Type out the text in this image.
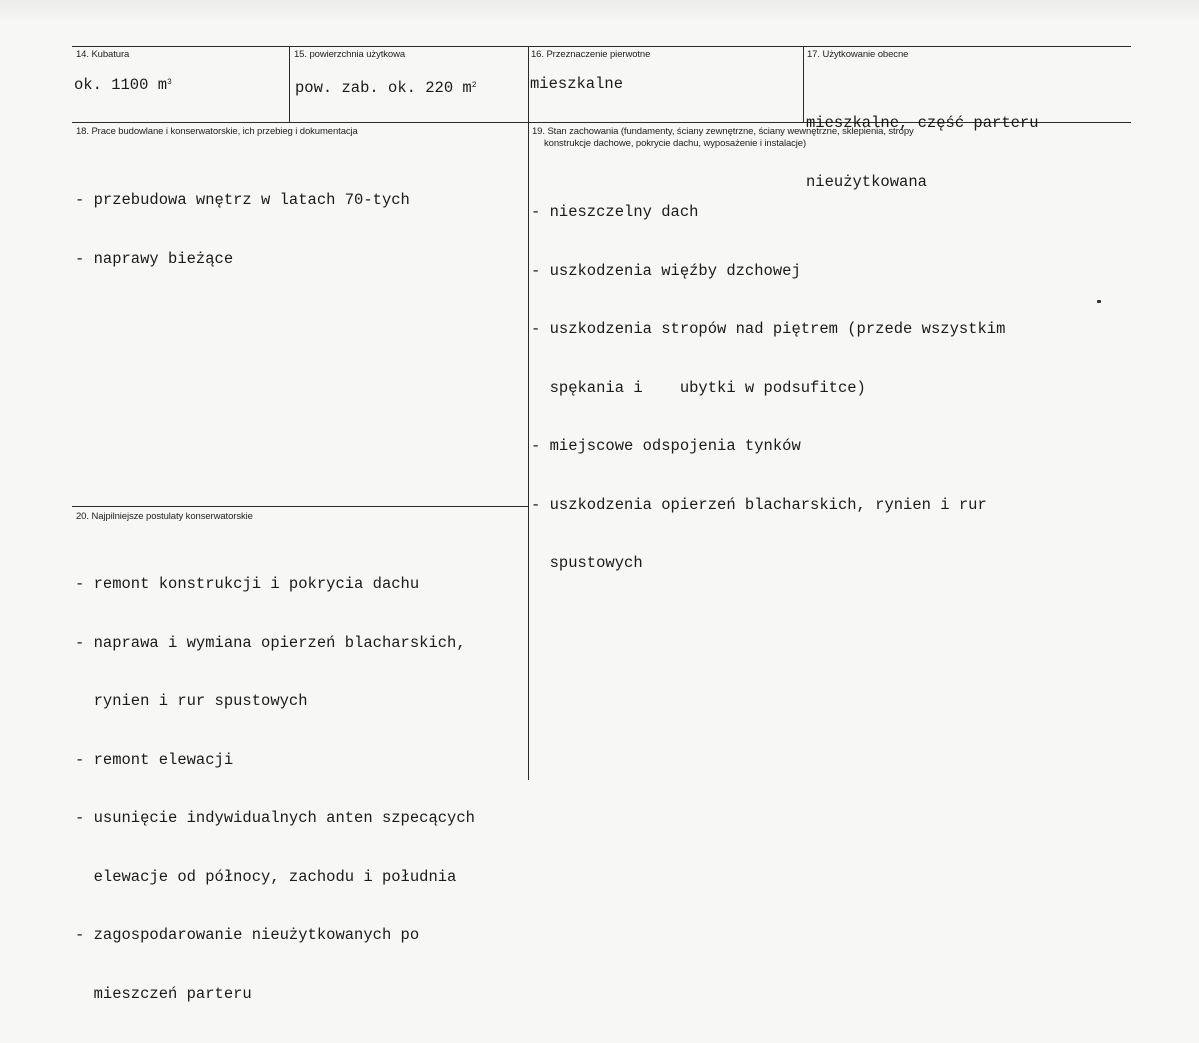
14. Kubatura
ok. 1100 $m^3$
15. powierzchnia użytkowa
pow. zab. ok. 220 $m^2$
16. Przeznaczenie pierwotne
mieszkalne
17. Użytkowanie obecne

mieszkalne, część parteru

nieużytkowana

18. Prace budowlane i konserwatorskie, ich przebieg i dokumentacja

- przebudowa wnętrz w latach 70-tych

- naprawy bieżące

19. Stan zachowania (fundamenty, ściany zewnętrzne, ściany wewnętrzne, sklepienia, stropy
konstrukcje dachowe, pokrycie dachu, wyposażenie i instalacje)

- nieszczelny dach

- uszkodzenia więźby dzchowej

- uszkodzenia stropów nad piętrem (przede wszystkim

spękania i    ubytki w podsufitce)

- miejscowe odspojenia tynków

- uszkodzenia opierzeń blacharskich, rynien i rur

spustowych

20. Najpilniejsze postulaty konserwatorskie

- remont konstrukcji i pokrycia dachu

- naprawa i wymiana opierzeń blacharskich,

rynien i rur spustowych

- remont elewacji

- usunięcie indywidualnych anten szpecących

elewacje od północy, zachodu i południa

- zagospodarowanie nieużytkowanych po

mieszczeń parteru
